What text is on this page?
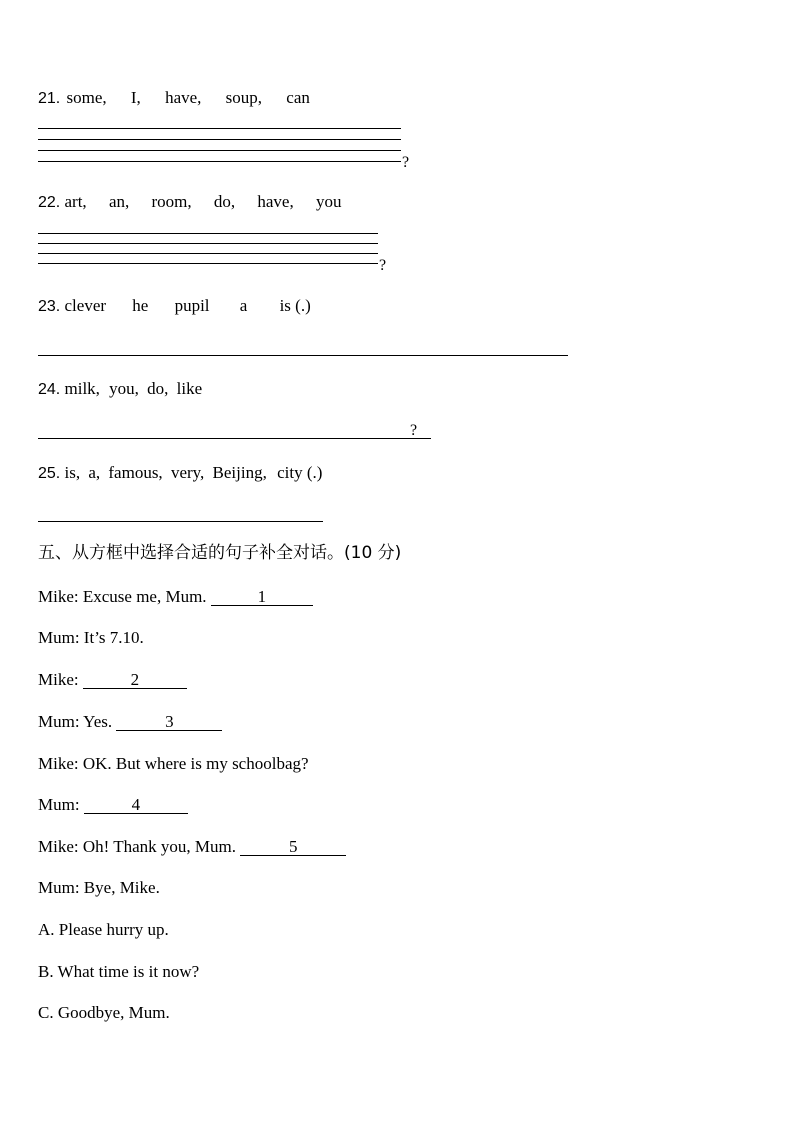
21. some, I, have, soup, can
?
22. art, an, room, do, have, you
?
23. clever he pupil a is (.)
24. milk, you, do, like
?
25. is, a, famous, very, Beijing, city (.)
五、从方框中选择合适的句子补全对话。(10 分)
Mike: Excuse me, Mum.	1
Mum: It’s 7.10.
Mike:	2
Mum: Yes.	3
Mike: OK. But where is my schoolbag?
Mum:	4
Mike: Oh! Thank you, Mum.	5
Mum: Bye, Mike.
A. Please hurry up.
B. What time is it now?
C. Goodbye, Mum.
